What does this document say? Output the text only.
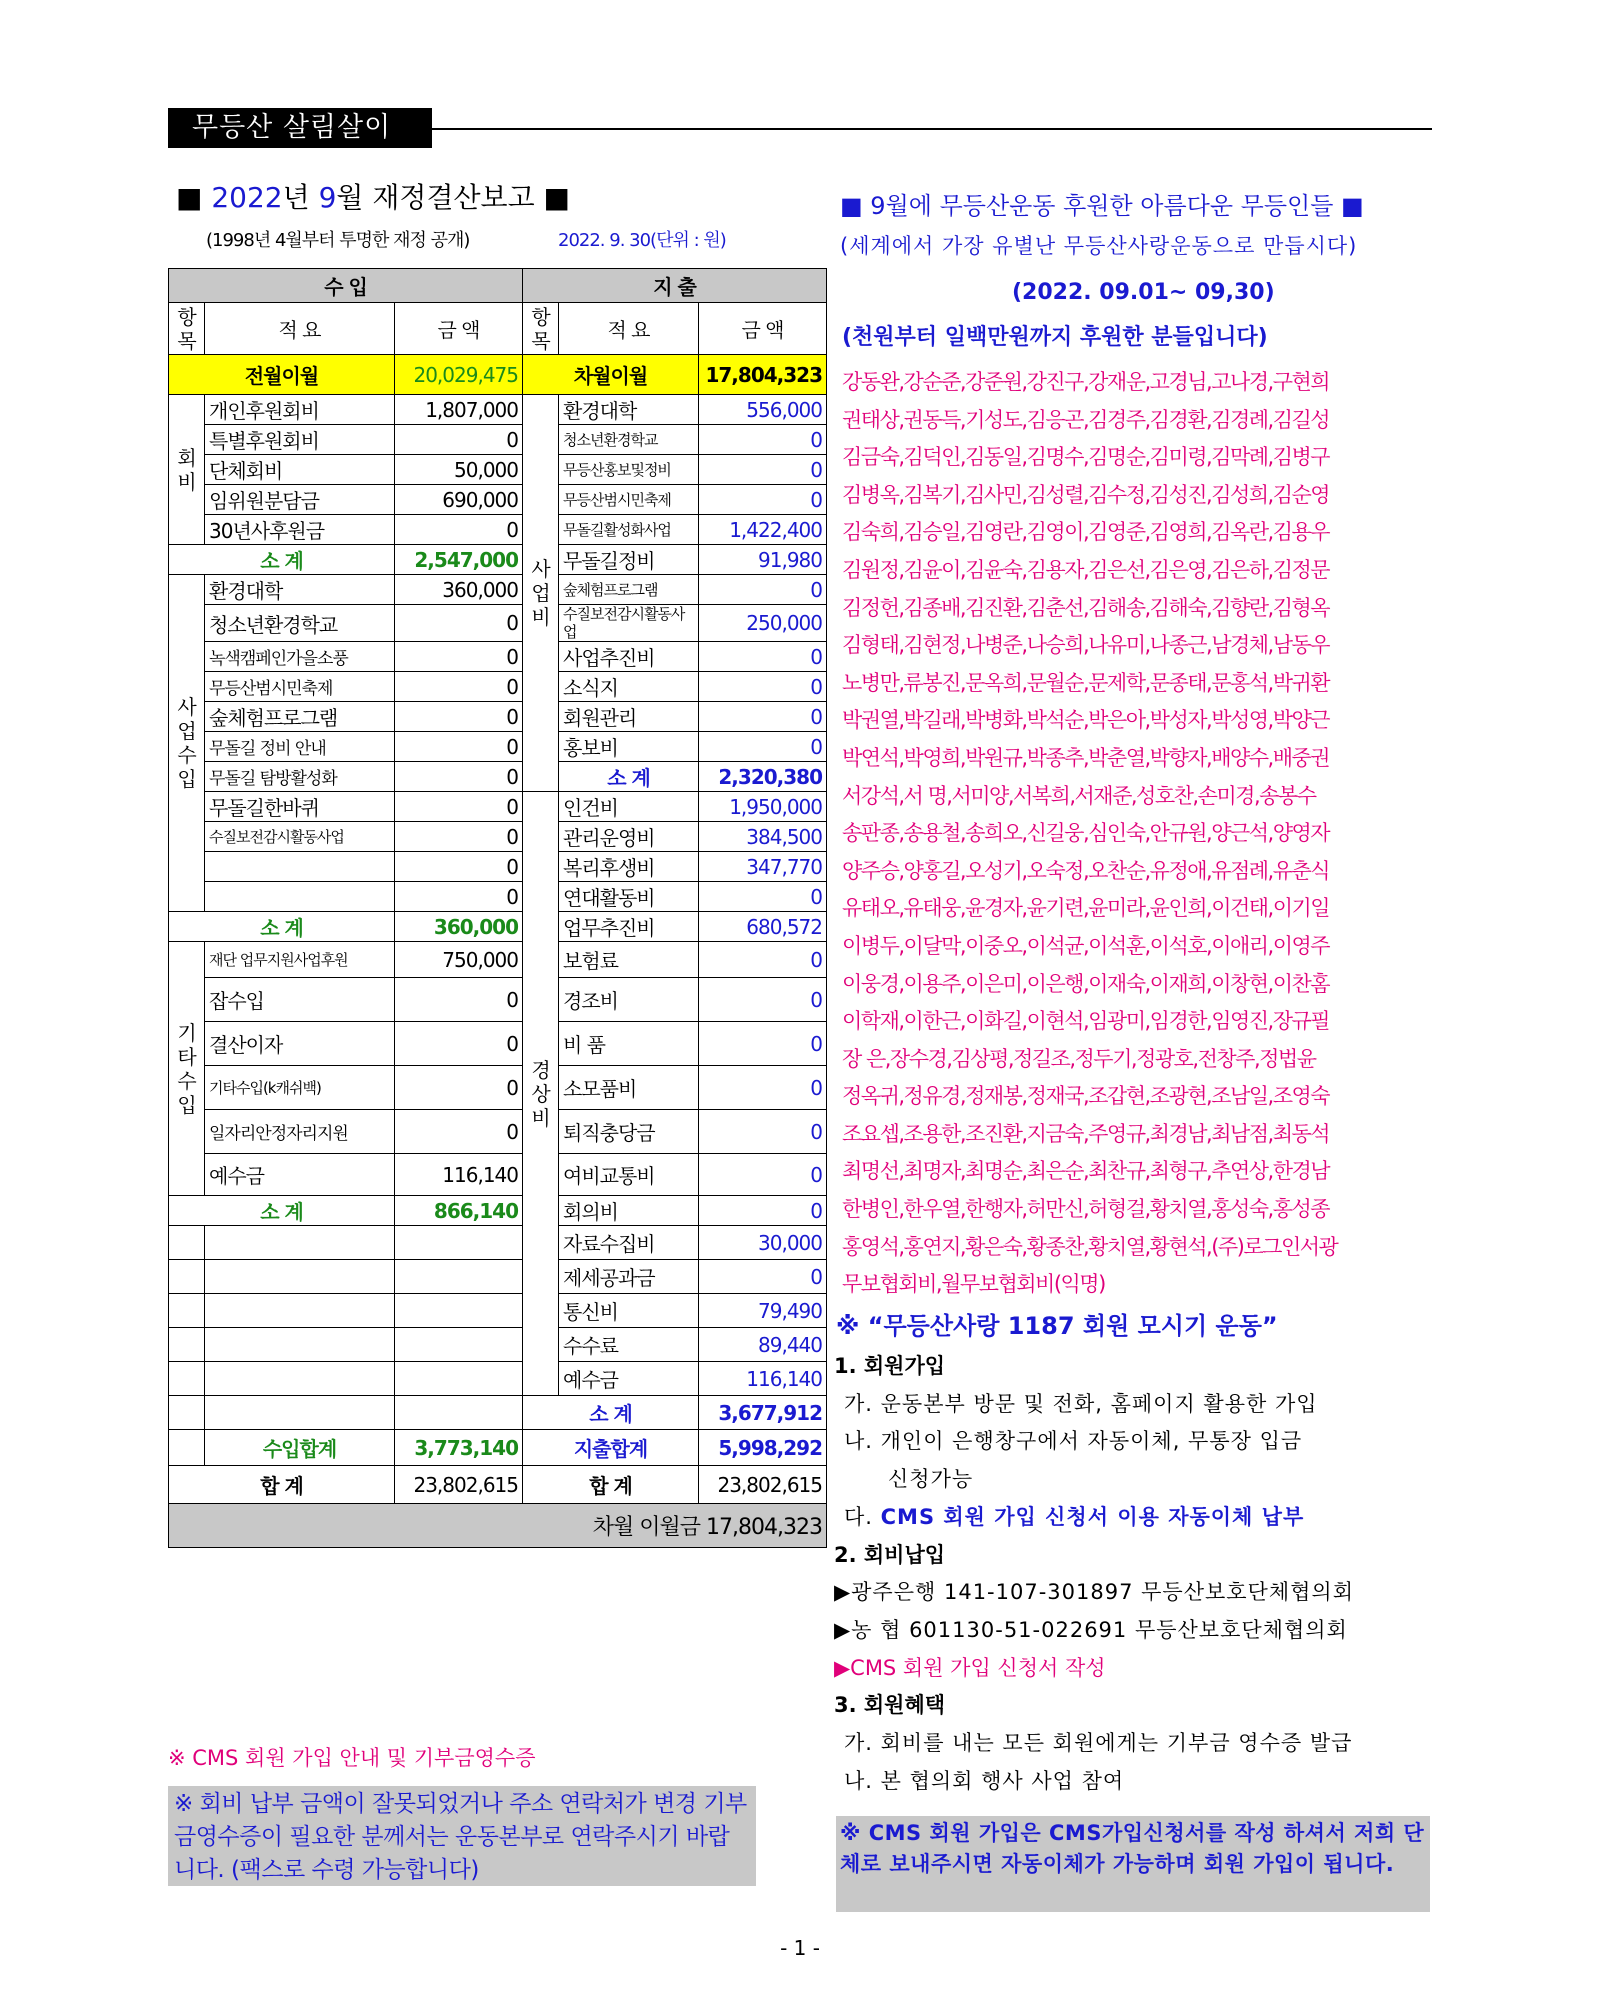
무등산 살림살이
■ 2022년 9월 재정결산보고 ■
(1998년 4월부터 투명한 재정 공개)	2022. 9. 30(단위 : 원)
수 입			지 출		
항목	적 요	금 액	항목	적 요	금 액
전월이월		20,029,475	차월이월		17,804,323
회비	개인후원회비	1,807,000	사업비	환경대학	556,000
	특별후원회비	0		청소년환경학교	0
	단체회비	50,000		무등산홍보및정비	0
	임위원분담금	690,000		무등산범시민축제	0
	30년사후원금	0		무돌길활성화사업	1,422,400
소 계		2,547,000		무돌길정비	91,980
사업수입	환경대학	360,000		숲체험프로그램	0
	청소년환경학교	0		수질보전감시활동사업	250,000
	녹색캠페인가을소풍	0		사업추진비	0
	무등산범시민축제	0		소식지	0
	숲체험프로그램	0		회원관리	0
	무돌길 정비 안내	0		홍보비	0
	무돌길 탐방활성화	0		소 계	2,320,380
	무돌길한바퀴	0	경상비	인건비	1,950,000
	수질보전감시활동사업	0		관리운영비	384,500
		0		복리후생비	347,770
		0		연대활동비	0
소 계		360,000		업무추진비	680,572
기타수입	재단 업무지원사업후원	750,000		보험료	0
	잡수입	0		경조비	0
	결산이자	0		비 품	0
	기타수입(k캐쉬백)	0		소모품비	0
	일자리안정자리지원	0		퇴직충당금	0
	예수금	116,140		여비교통비	0
소 계		866,140		회의비	0
				자료수집비	30,000
				제세공과금	0
				통신비	79,490
				수수료	89,440
				예수금	116,140
			소 계		3,677,912
	수입합계	3,773,140	지출합계		5,998,292
합 계		23,802,615	합 계		23,802,615
차월 이월금 17,804,323					
※ CMS 회원 가입 안내 및 기부금영수증
※ 회비 납부 금액이 잘못되었거나 주소 연락처가 변경 기부금영수증이 필요한 분께서는 운동본부로 연락주시기 바랍니다. (팩스로 수령 가능합니다)
■ 9월에 무등산운동 후원한 아름다운 무등인들 ■
(세계에서 가장 유별난 무등산사랑운동으로 만듭시다)
(2022. 09.01~ 09,30)
(천원부터 일백만원까지 후원한 분들입니다)
강동완,강순준,강준원,강진구,강재운,고경님,고나경,구현희
권태상,권동득,기성도,김응곤,김경주,김경환,김경례,김길성
김금숙,김덕인,김동일,김명수,김명순,김미령,김막례,김병구
김병옥,김복기,김사민,김성렬,김수정,김성진,김성희,김순영
김숙희,김승일,김영란,김영이,김영준,김영희,김옥란,김용우
김원정,김윤이,김윤숙,김용자,김은선,김은영,김은하,김정문
김정헌,김종배,김진환,김춘선,김해송,김해숙,김향란,김형옥
김형태,김현정,나병준,나승희,나유미,나종근,남경체,남동우
노병만,류봉진,문옥희,문월순,문제학,문종태,문홍석,박귀환
박권열,박길래,박병화,박석순,박은아,박성자,박성영,박양근
박연석,박영희,박원규,박종추,박춘열,박향자,배양수,배중권
서강석,서 명,서미양,서복희,서재준,성호찬,손미경,송봉수
송판종,송용철,송희오,신길웅,심인숙,안규원,양근석,양영자
양주승,양홍길,오성기,오숙정,오찬순,유정애,유점례,유춘식
유태오,유태웅,윤경자,윤기련,윤미라,윤인희,이건태,이기일
이병두,이달막,이중오,이석균,이석훈,이석호,이애리,이영주
이웅경,이용주,이은미,이은행,이재숙,이재희,이창현,이찬홈
이학재,이한근,이화길,이현석,임광미,임경한,임영진,장규필
장 은,장수경,김상평,정길조,정두기,정광호,전창주,정법윤
정옥귀,정유경,정재봉,정재국,조갑현,조광현,조남일,조영숙
조요셉,조용한,조진환,지금숙,주영규,최경남,최남점,최동석
최명선,최명자,최명순,최은순,최찬규,최형구,추연상,한경남
한병인,한우열,한행자,허만신,허형걸,황치열,홍성숙,홍성종
홍영석,홍연지,황은숙,황종찬,황치열,황현석,(주)로그인서광
무보협회비,월무보협회비(익명)
※ “무등산사랑 1187 회원 모시기 운동”
1. 회원가입
가. 운동본부 방문 및 전화, 홈페이지 활용한 가입
나. 개인이 은행창구에서 자동이체, 무통장 입금
신청가능
다. CMS 회원 가입 신청서 이용 자동이체 납부
2. 회비납입
▶광주은행 141-107-301897 무등산보호단체협의회
▶농 협 601130-51-022691 무등산보호단체협의회
▶CMS 회원 가입 신청서 작성
3. 회원혜택
가. 회비를 내는 모든 회원에게는 기부금 영수증 발급
나. 본 협의회 행사 사업 참여
※ CMS 회원 가입은 CMS가입신청서를 작성 하셔서 저희 단체로 보내주시면 자동이체가 가능하며 회원 가입이 됩니다.
- 1 -
